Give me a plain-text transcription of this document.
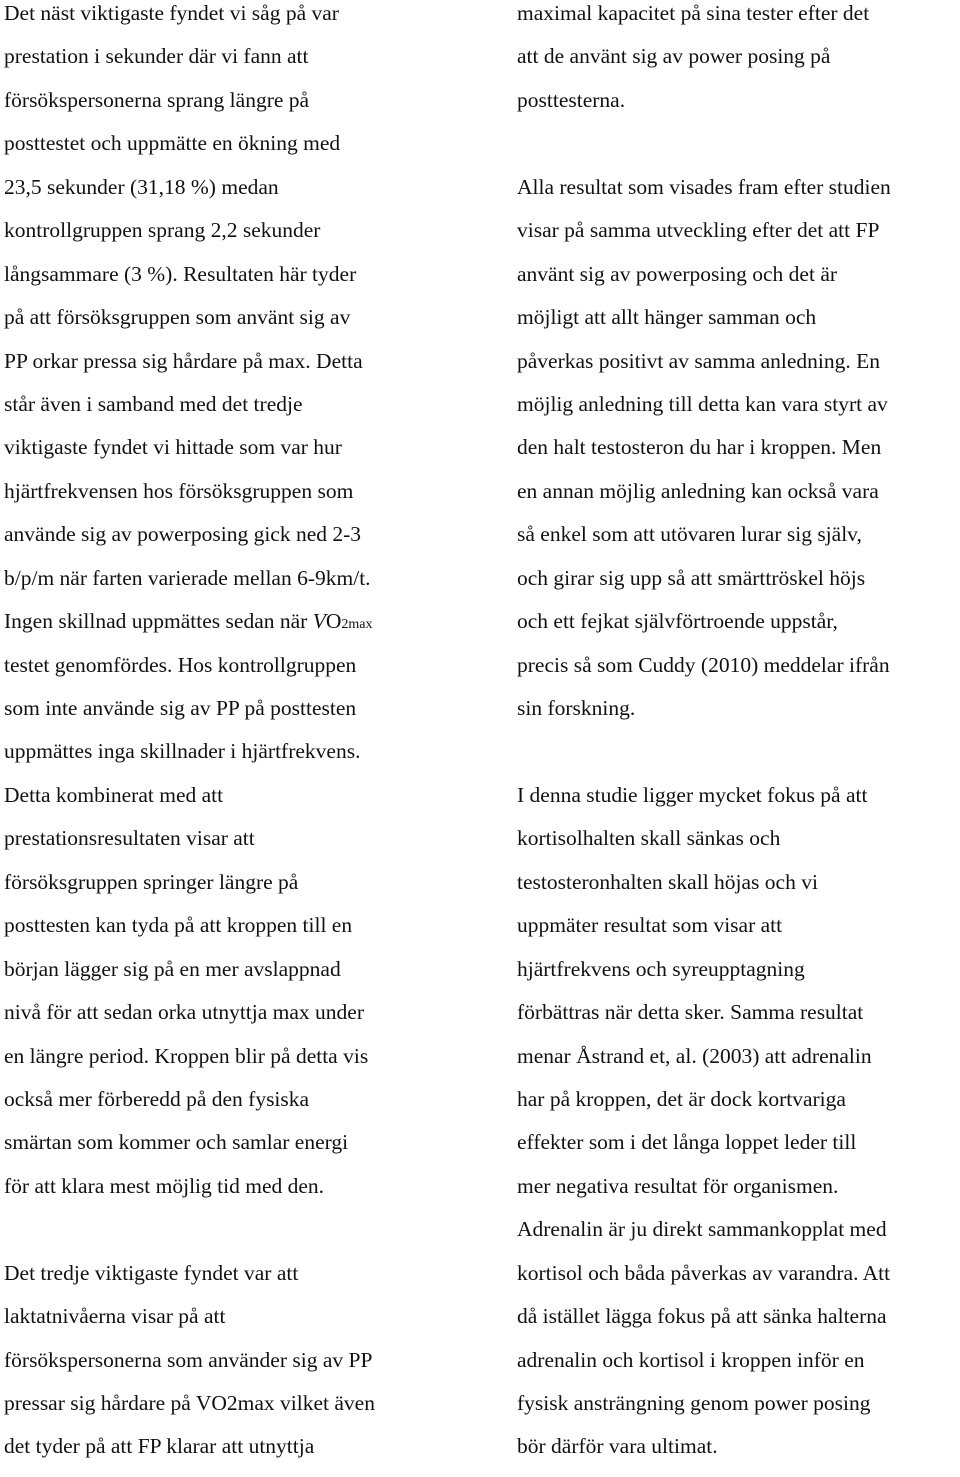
Det näst viktigaste fyndet vi såg på var
prestation i sekunder där vi fann att
försökspersonerna sprang längre på
posttestet och uppmätte en ökning med
23,5 sekunder (31,18 %) medan
kontrollgruppen sprang 2,2 sekunder
långsammare (3 %). Resultaten här tyder
på att försöksgruppen som använt sig av
PP orkar pressa sig hårdare på max. Detta
står även i samband med det tredje
viktigaste fyndet vi hittade som var hur
hjärtfrekvensen hos försöksgruppen som
använde sig av powerposing gick ned 2-3
b/p/m när farten varierade mellan 6-9km/t.
Ingen skillnad uppmättes sedan när VO2max
testet genomfördes. Hos kontrollgruppen
som inte använde sig av PP på posttesten
uppmättes inga skillnader i hjärtfrekvens.
Detta kombinerat med att
prestationsresultaten visar att
försöksgruppen springer längre på
posttesten kan tyda på att kroppen till en
början lägger sig på en mer avslappnad
nivå för att sedan orka utnyttja max under
en längre period. Kroppen blir på detta vis
också mer förberedd på den fysiska
smärtan som kommer och samlar energi
för att klara mest möjlig tid med den.
Det tredje viktigaste fyndet var att
laktatnivåerna visar på att
försökspersonerna som använder sig av PP
pressar sig hårdare på VO2max vilket även
det tyder på att FP klarar att utnyttja
maximal kapacitet på sina tester efter det
att de använt sig av power posing på
posttesterna.
Alla resultat som visades fram efter studien
visar på samma utveckling efter det att FP
använt sig av powerposing och det är
möjligt att allt hänger samman och
påverkas positivt av samma anledning. En
möjlig anledning till detta kan vara styrt av
den halt testosteron du har i kroppen. Men
en annan möjlig anledning kan också vara
så enkel som att utövaren lurar sig själv,
och girar sig upp så att smärttröskel höjs
och ett fejkat självförtroende uppstår,
precis så som Cuddy (2010) meddelar ifrån
sin forskning.
I denna studie ligger mycket fokus på att
kortisolhalten skall sänkas och
testosteronhalten skall höjas och vi
uppmäter resultat som visar att
hjärtfrekvens och syreupptagning
förbättras när detta sker. Samma resultat
menar Åstrand et, al. (2003) att adrenalin
har på kroppen, det är dock kortvariga
effekter som i det långa loppet leder till
mer negativa resultat för organismen.
Adrenalin är ju direkt sammankopplat med
kortisol och båda påverkas av varandra. Att
då istället lägga fokus på att sänka halterna
adrenalin och kortisol i kroppen inför en
fysisk ansträngning genom power posing
bör därför vara ultimat.
